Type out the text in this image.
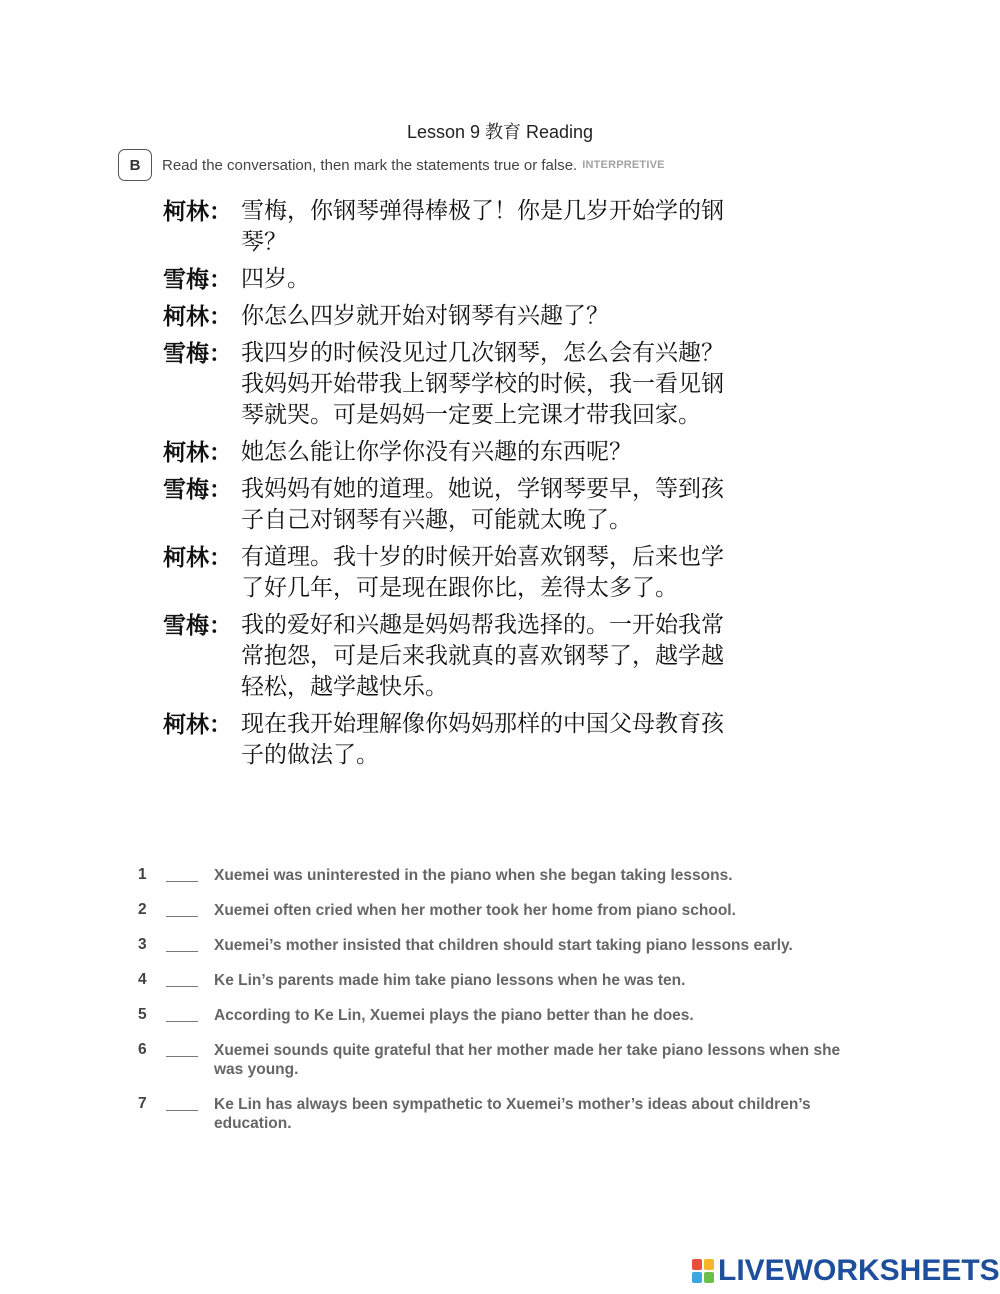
Lesson 9 教育 Reading
B	Read the conversation, then mark the statements true or false. INTERPRETIVE
柯林： 雪梅，你钢琴弹得棒极了！你是几岁开始学的钢琴？
雪梅： 四岁。
柯林： 你怎么四岁就开始对钢琴有兴趣了？
雪梅： 我四岁的时候没见过几次钢琴，怎么会有兴趣？我妈妈开始带我上钢琴学校的时候，我一看见钢琴就哭。可是妈妈一定要上完课才带我回家。
柯林： 她怎么能让你学你没有兴趣的东西呢？
雪梅： 我妈妈有她的道理。她说，学钢琴要早，等到孩子自己对钢琴有兴趣，可能就太晚了。
柯林： 有道理。我十岁的时候开始喜欢钢琴，后来也学了好几年，可是现在跟你比，差得太多了。
雪梅： 我的爱好和兴趣是妈妈帮我选择的。一开始我常常抱怨，可是后来我就真的喜欢钢琴了，越学越轻松，越学越快乐。
柯林： 现在我开始理解像你妈妈那样的中国父母教育孩子的做法了。
1	Xuemei was uninterested in the piano when she began taking lessons.
2	Xuemei often cried when her mother took her home from piano school.
3	Xuemei’s mother insisted that children should start taking piano lessons early.
4	Ke Lin’s parents made him take piano lessons when he was ten.
5	According to Ke Lin, Xuemei plays the piano better than he does.
6	Xuemei sounds quite grateful that her mother made her take piano lessons when she was young.
7	Ke Lin has always been sympathetic to Xuemei’s mother’s ideas about children’s education.
LIVEWORKSHEETS
